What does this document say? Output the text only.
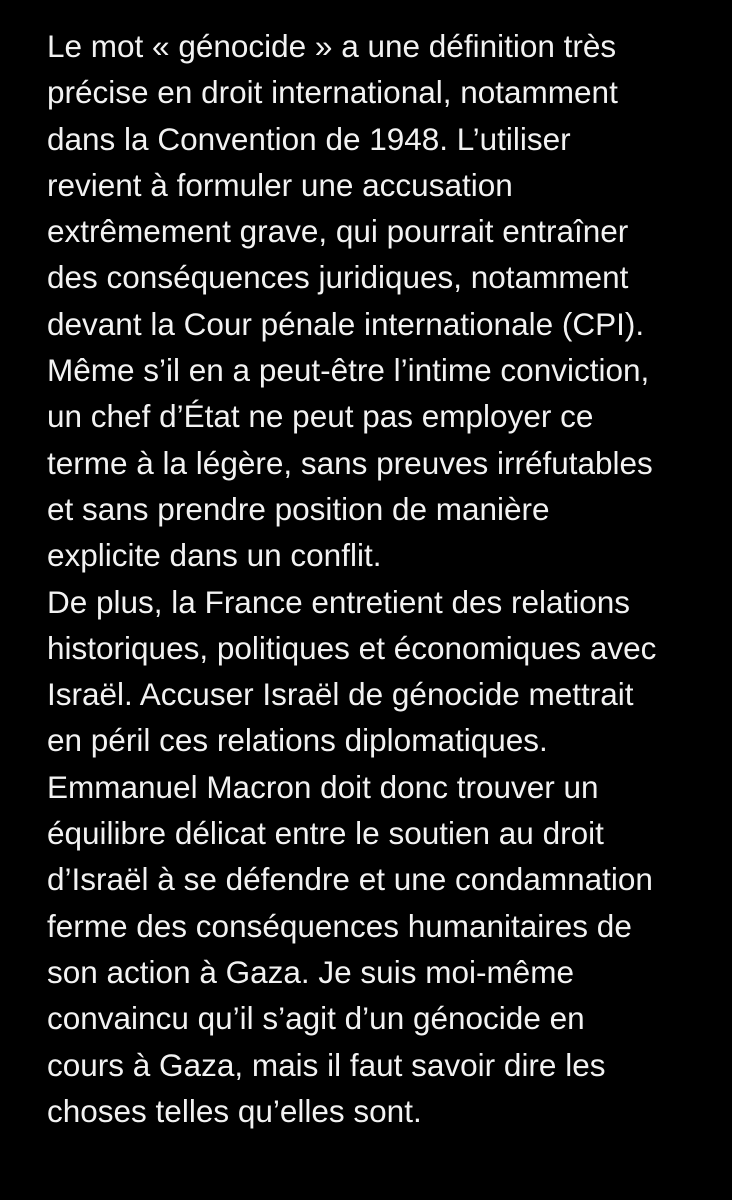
Le mot « génocide » a une définition très
précise en droit international, notamment
dans la Convention de 1948. L’utiliser
revient à formuler une accusation
extrêmement grave, qui pourrait entraîner
des conséquences juridiques, notamment
devant la Cour pénale internationale (CPI).
Même s’il en a peut-être l’intime conviction,
un chef d’État ne peut pas employer ce
terme à la légère, sans preuves irréfutables
et sans prendre position de manière
explicite dans un conflit.
De plus, la France entretient des relations
historiques, politiques et économiques avec
Israël. Accuser Israël de génocide mettrait
en péril ces relations diplomatiques.
Emmanuel Macron doit donc trouver un
équilibre délicat entre le soutien au droit
d’Israël à se défendre et une condamnation
ferme des conséquences humanitaires de
son action à Gaza. Je suis moi-même
convaincu qu’il s’agit d’un génocide en
cours à Gaza, mais il faut savoir dire les
choses telles qu’elles sont.
